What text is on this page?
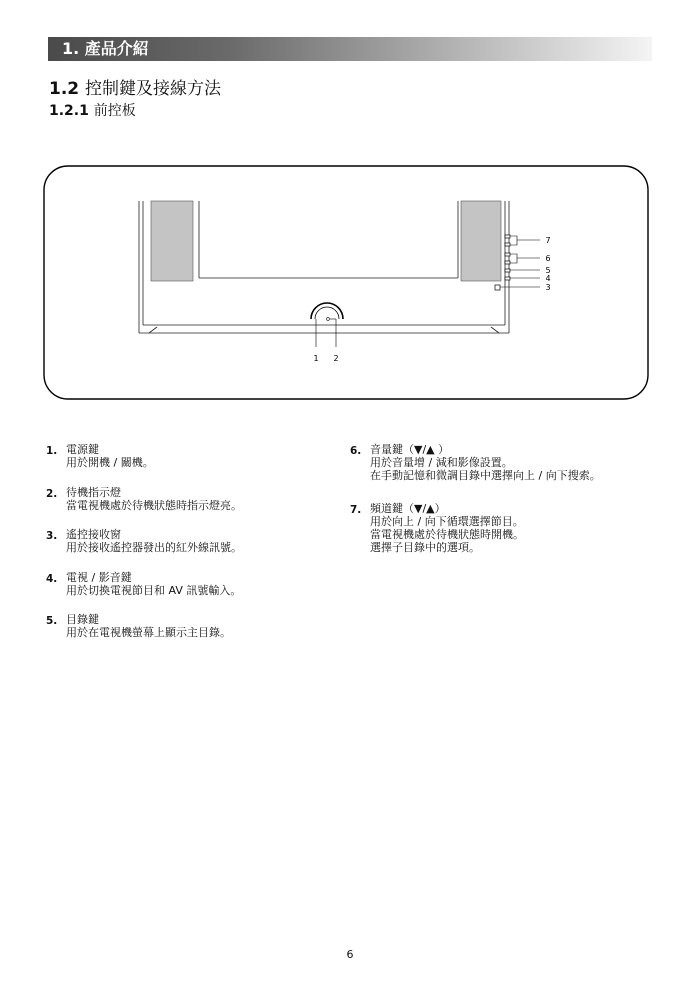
1. 產品介紹
1.2 控制鍵及接線方法
1.2.1 前控板
1 2
7
6
5
4
3
1. 電源鍵
用於開機 / 關機。
2. 待機指示燈
當電視機處於待機狀態時指示燈亮。
3. 遙控接收窗
用於接收遙控器發出的紅外線訊號。
4. 電視 / 影音鍵
用於切換電視節目和 AV 訊號輸入。
5. 目錄鍵
用於在電視機螢幕上顯示主目錄。
6. 音量鍵（▼/▲ ）
用於音量增 / 減和影像設置。
在手動記憶和微調目錄中選擇向上 / 向下搜索。
7. 頻道鍵（▼/▲）
用於向上 / 向下循環選擇節目。
當電視機處於待機狀態時開機。
選擇子目錄中的選項。
6
